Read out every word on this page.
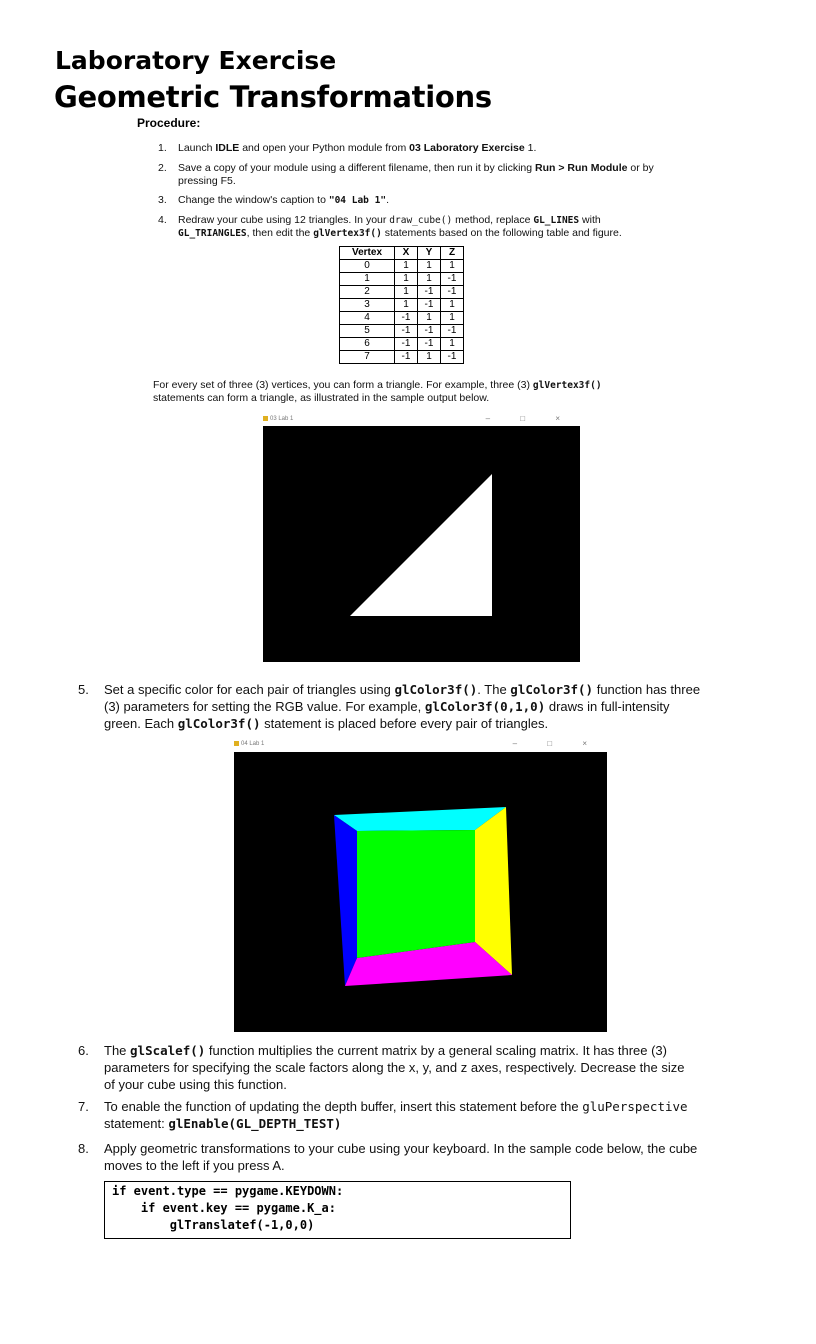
Laboratory Exercise
Geometric Transformations
Procedure:
1. Launch IDLE and open your Python module from 03 Laboratory Exercise 1.
2. Save a copy of your module using a different filename, then run it by clicking Run > Run Module or by
pressing F5.
3. Change the window's caption to "04 Lab 1".
4. Redraw your cube using 12 triangles. In your draw_cube() method, replace GL_LINES with
GL_TRIANGLES, then edit the glVertex3f() statements based on the following table and figure.
Vertex	X	Y	Z
0	1	1	1
1	1	1	-1
2	1	-1	-1
3	1	-1	1
4	-1	1	1
5	-1	-1	-1
6	-1	-1	1
7	-1	1	-1
For every set of three (3) vertices, you can form a triangle. For example, three (3) glVertex3f()
statements can form a triangle, as illustrated in the sample output below.
03 Lab 1	– □ ×
5. Set a specific color for each pair of triangles using glColor3f(). The glColor3f() function has three
(3) parameters for setting the RGB value. For example, glColor3f(0,1,0) draws in full-intensity
green. Each glColor3f() statement is placed before every pair of triangles.
04 Lab 1	– □ ×
6. The glScalef() function multiplies the current matrix by a general scaling matrix. It has three (3)
parameters for specifying the scale factors along the x, y, and z axes, respectively. Decrease the size
of your cube using this function.
7. To enable the function of updating the depth buffer, insert this statement before the gluPerspective
statement: glEnable(GL_DEPTH_TEST)
8. Apply geometric transformations to your cube using your keyboard. In the sample code below, the cube
moves to the left if you press A.
if event.type == pygame.KEYDOWN:
if event.key == pygame.K_a:
glTranslatef(-1,0,0)
